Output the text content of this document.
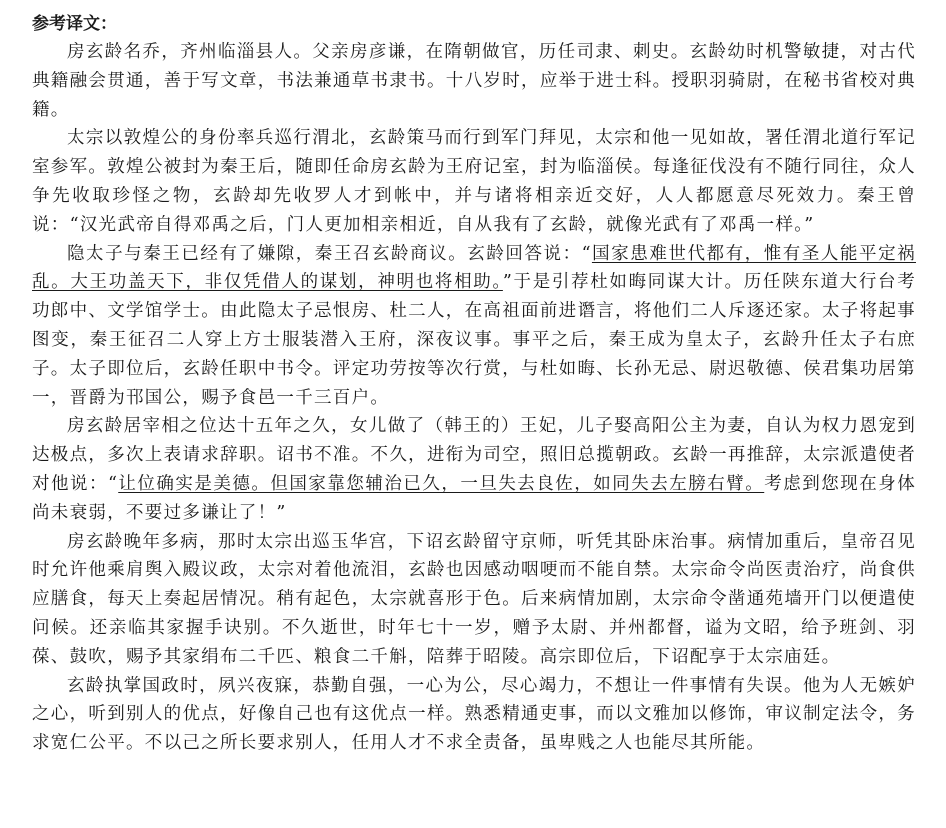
参考译文：

房玄龄名乔，齐州临淄县人。父亲房彦谦，在隋朝做官，历任司隶、刺史。玄龄幼时机警敏捷，对古代典籍融会贯通，善于写文章，书法兼通草书隶书。十八岁时，应举于进士科。授职羽骑尉，在秘书省校对典籍。

太宗以敦煌公的身份率兵巡行渭北，玄龄策马而行到军门拜见，太宗和他一见如故，署任渭北道行军记室参军。敦煌公被封为秦王后，随即任命房玄龄为王府记室，封为临淄侯。每逢征伐没有不随行同往，众人争先收取珍怪之物，玄龄却先收罗人才到帐中，并与诸将相亲近交好，人人都愿意尽死效力。秦王曾说：“汉光武帝自得邓禹之后，门人更加相亲相近，自从我有了玄龄，就像光武有了邓禹一样。”

隐太子与秦王已经有了嫌隙，秦王召玄龄商议。玄龄回答说：“国家患难世代都有，惟有圣人能平定祸乱。大王功盖天下，非仅凭借人的谋划，神明也将相助。”于是引荐杜如晦同谋大计。历任陕东道大行台考功郎中、文学馆学士。由此隐太子忌恨房、杜二人，在高祖面前进谮言，将他们二人斥逐还家。太子将起事图变，秦王征召二人穿上方士服装潜入王府，深夜议事。事平之后，秦王成为皇太子，玄龄升任太子右庶子。太子即位后，玄龄任职中书令。评定功劳按等次行赏，与杜如晦、长孙无忌、尉迟敬德、侯君集功居第一，晋爵为邗国公，赐予食邑一千三百户。

房玄龄居宰相之位达十五年之久，女儿做了（韩王的）王妃，儿子娶高阳公主为妻，自认为权力恩宠到达极点，多次上表请求辞职。诏书不准。不久，进衔为司空，照旧总揽朝政。玄龄一再推辞，太宗派遣使者对他说：“让位确实是美德。但国家靠您辅治已久，一旦失去良佐，如同失去左膀右臂。考虑到您现在身体尚未衰弱，不要过多谦让了！”

房玄龄晚年多病，那时太宗出巡玉华宫，下诏玄龄留守京师，听凭其卧床治事。病情加重后，皇帝召见时允许他乘肩舆入殿议政，太宗对着他流泪，玄龄也因感动咽哽而不能自禁。太宗命令尚医责治疗，尚食供应膳食，每天上奏起居情况。稍有起色，太宗就喜形于色。后来病情加剧，太宗命令凿通苑墙开门以便遣使问候。还亲临其家握手诀别。不久逝世，时年七十一岁，赠予太尉、并州都督，谥为文昭，给予班剑、羽葆、鼓吹，赐予其家绢布二千匹、粮食二千斛，陪葬于昭陵。高宗即位后，下诏配享于太宗庙廷。

玄龄执掌国政时，夙兴夜寐，恭勤自强，一心为公，尽心竭力，不想让一件事情有失误。他为人无嫉妒之心，听到别人的优点，好像自己也有这优点一样。熟悉精通吏事，而以文雅加以修饰，审议制定法令，务求宽仁公平。不以己之所长要求别人，任用人才不求全责备，虽卑贱之人也能尽其所能。
